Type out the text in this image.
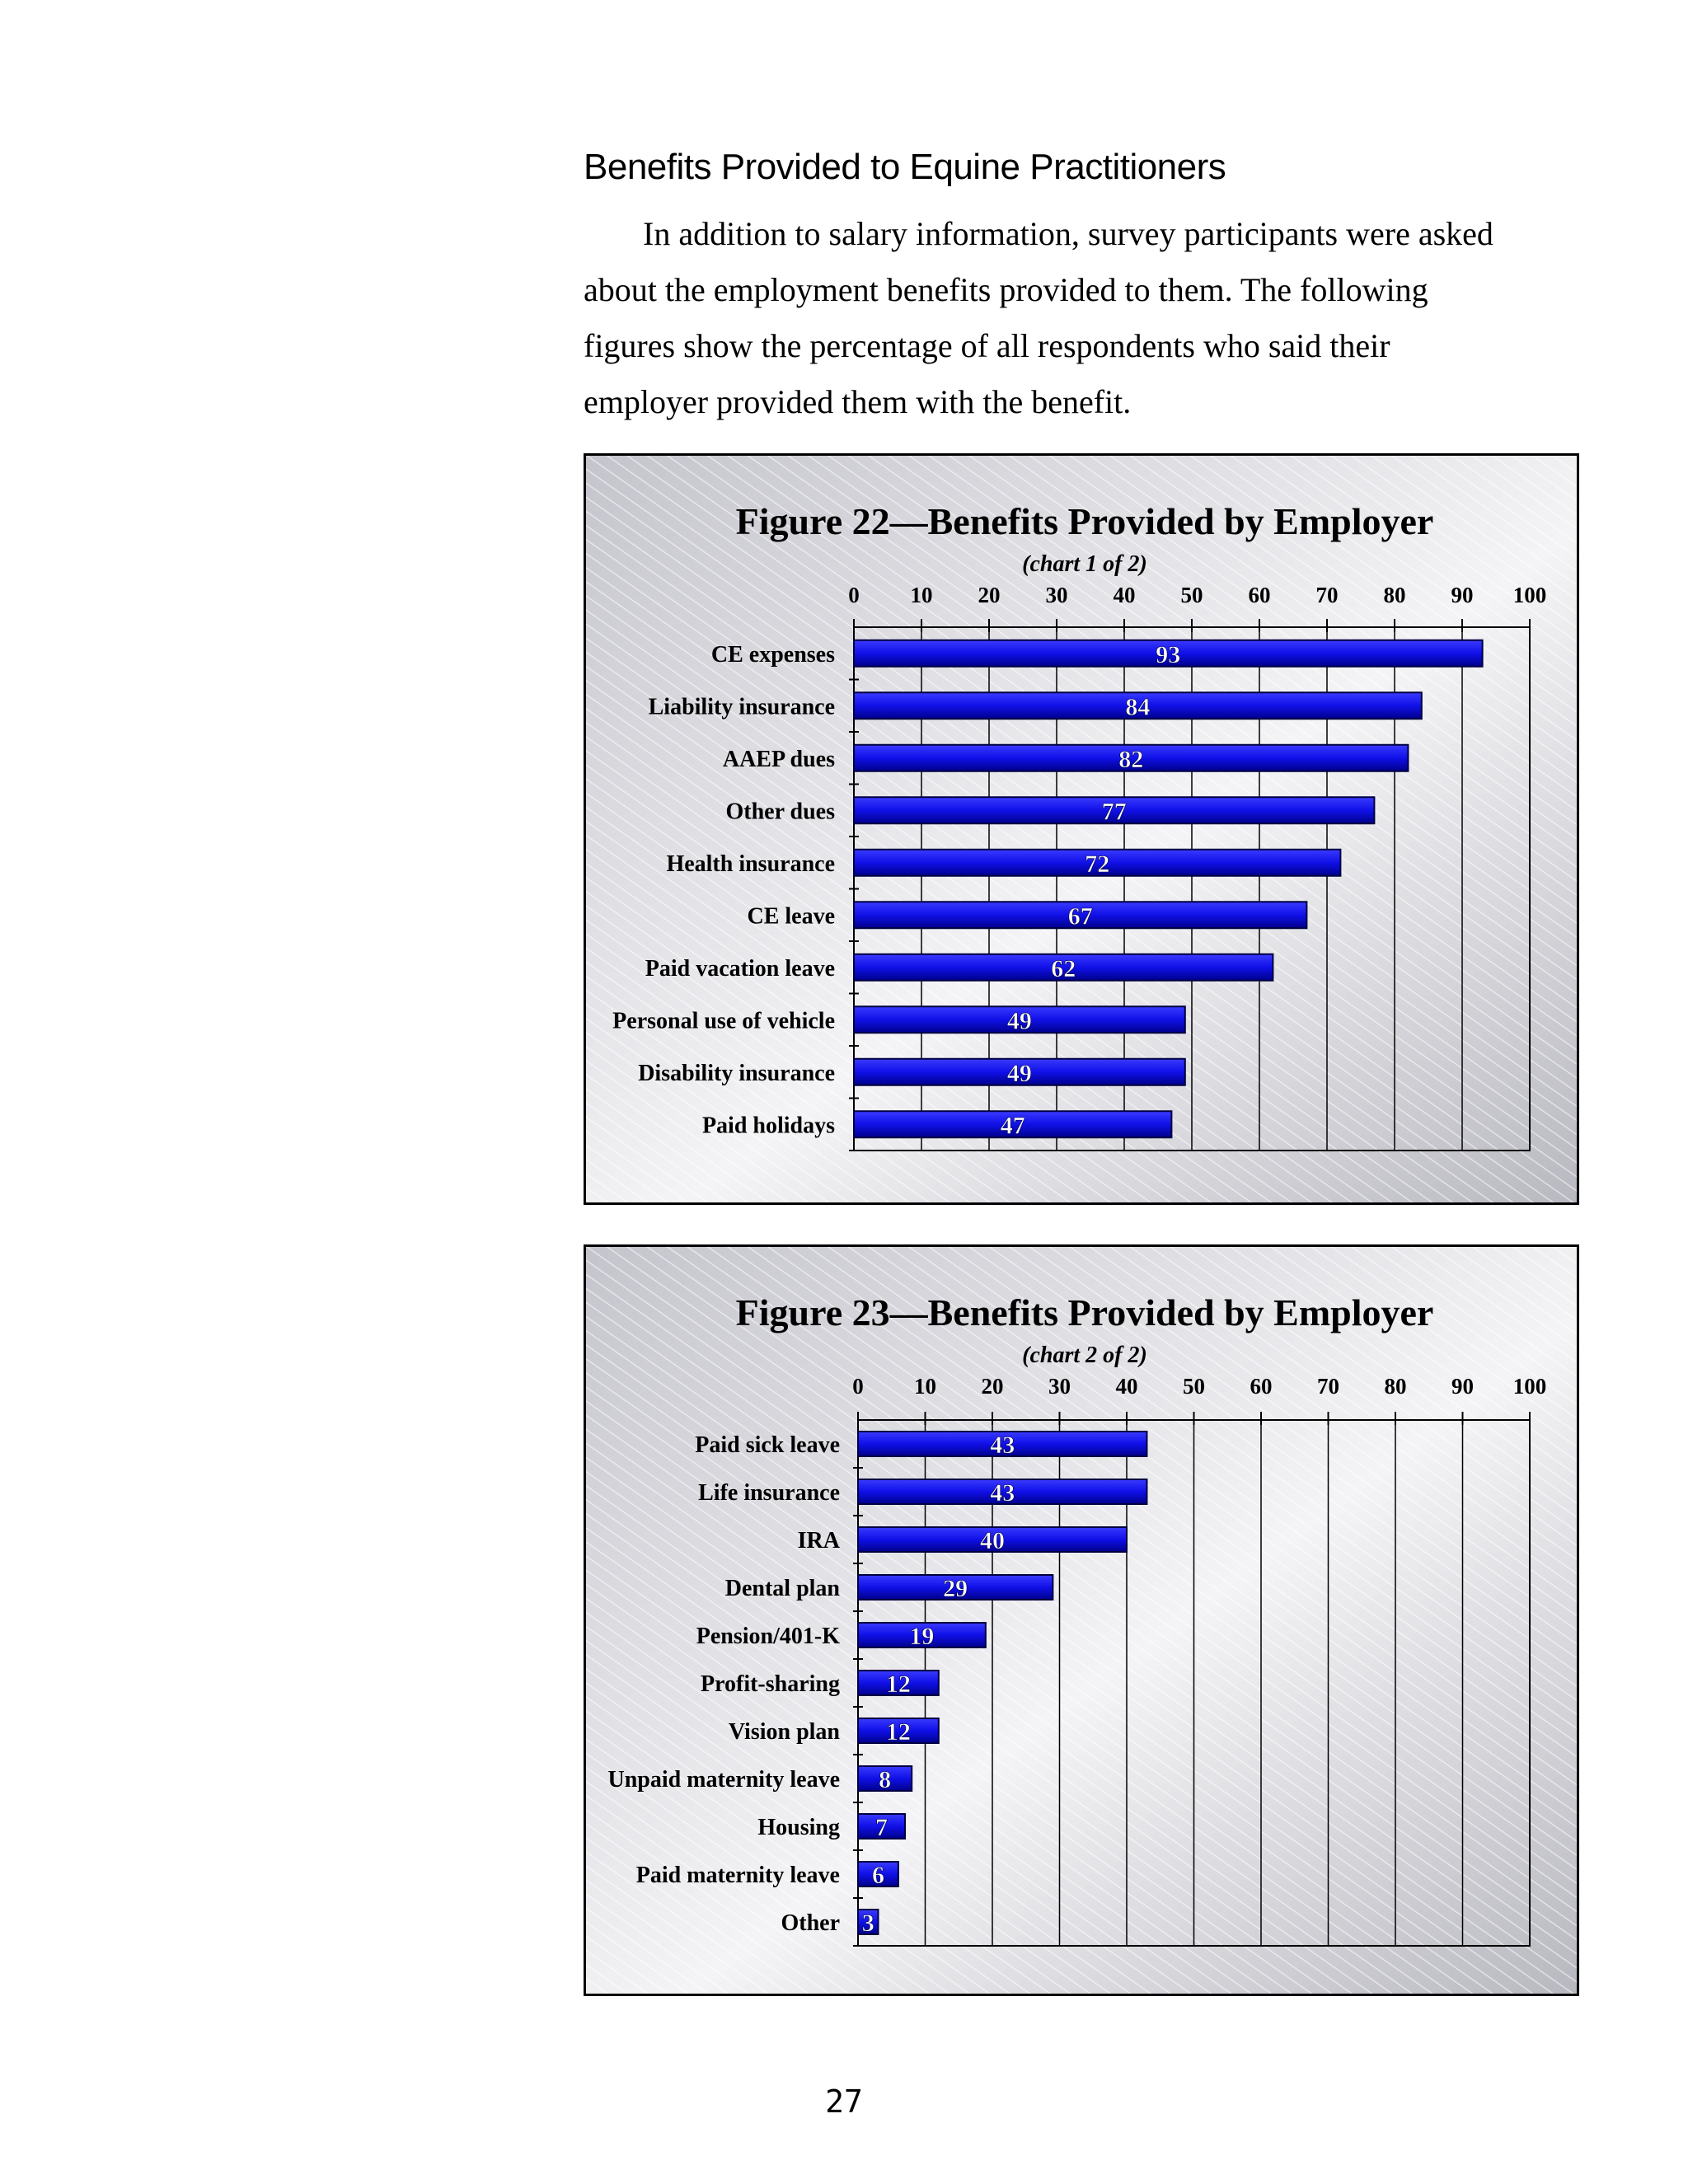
Benefits Provided to Equine Practitioners

In addition to salary information, survey participants were asked about the employment benefits provided to them. The following figures show the percentage of all respondents who said their employer provided them with the benefit.

Figure 22—Benefits Provided by Employer
(chart 1 of 2)
0 10 20 30 40 50 60 70 80 90 100
CE expenses	93
Liability insurance	84
AAEP dues	82
Other dues	77
Health insurance	72
CE leave	67
Paid vacation leave	62
Personal use of vehicle	49
Disability insurance	49
Paid holidays	47
Figure 23—Benefits Provided by Employer
(chart 2 of 2)
0 10 20 30 40 50 60 70 80 90 100
Paid sick leave	43
Life insurance	43
IRA	40
Dental plan	29
Pension/401-K	19
Profit-sharing 12
Vision plan 12
Unpaid maternity leave 8
Housing 7
Paid maternity leave 6
Other 3
27
